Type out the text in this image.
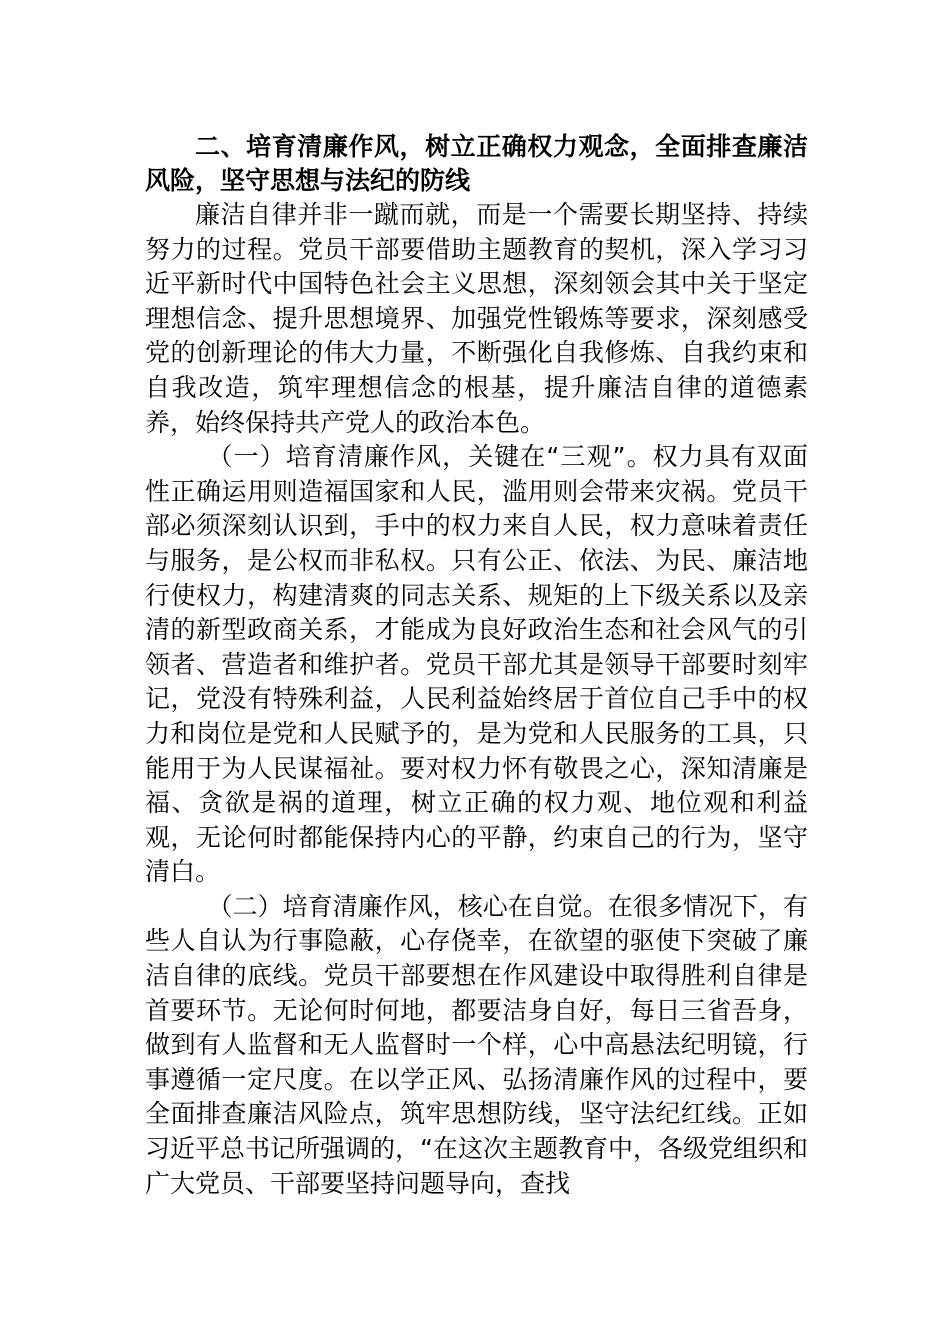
二、培育清廉作风，树立正确权力观念，全面排查廉洁风险，坚守思想与法纪的防线

廉洁自律并非一蹴而就，而是一个需要长期坚持、持续努力的过程。党员干部要借助主题教育的契机，深入学习习近平新时代中国特色社会主义思想，深刻领会其中关于坚定理想信念、提升思想境界、加强党性锻炼等要求，深刻感受党的创新理论的伟大力量，不断强化自我修炼、自我约束和自我改造，筑牢理想信念的根基，提升廉洁自律的道德素养，始终保持共产党人的政治本色。

（一）培育清廉作风，关键在“三观”。权力具有双面性正确运用则造福国家和人民，滥用则会带来灾祸。党员干部必须深刻认识到，手中的权力来自人民，权力意味着责任与服务，是公权而非私权。只有公正、依法、为民、廉洁地行使权力，构建清爽的同志关系、规矩的上下级关系以及亲清的新型政商关系，才能成为良好政治生态和社会风气的引领者、营造者和维护者。党员干部尤其是领导干部要时刻牢记，党没有特殊利益，人民利益始终居于首位自己手中的权力和岗位是党和人民赋予的，是为党和人民服务的工具，只能用于为人民谋福祉。要对权力怀有敬畏之心，深知清廉是福、贪欲是祸的道理，树立正确的权力观、地位观和利益观，无论何时都能保持内心的平静，约束自己的行为，坚守清白。

（二）培育清廉作风，核心在自觉。在很多情况下，有些人自认为行事隐蔽，心存侥幸，在欲望的驱使下突破了廉洁自律的底线。党员干部要想在作风建设中取得胜利自律是首要环节。无论何时何地，都要洁身自好，每日三省吾身，做到有人监督和无人监督时一个样，心中高悬法纪明镜，行事遵循一定尺度。在以学正风、弘扬清廉作风的过程中，要全面排查廉洁风险点，筑牢思想防线，坚守法纪红线。正如习近平总书记所强调的，“在这次主题教育中，各级党组织和广大党员、干部要坚持问题导向，查找
